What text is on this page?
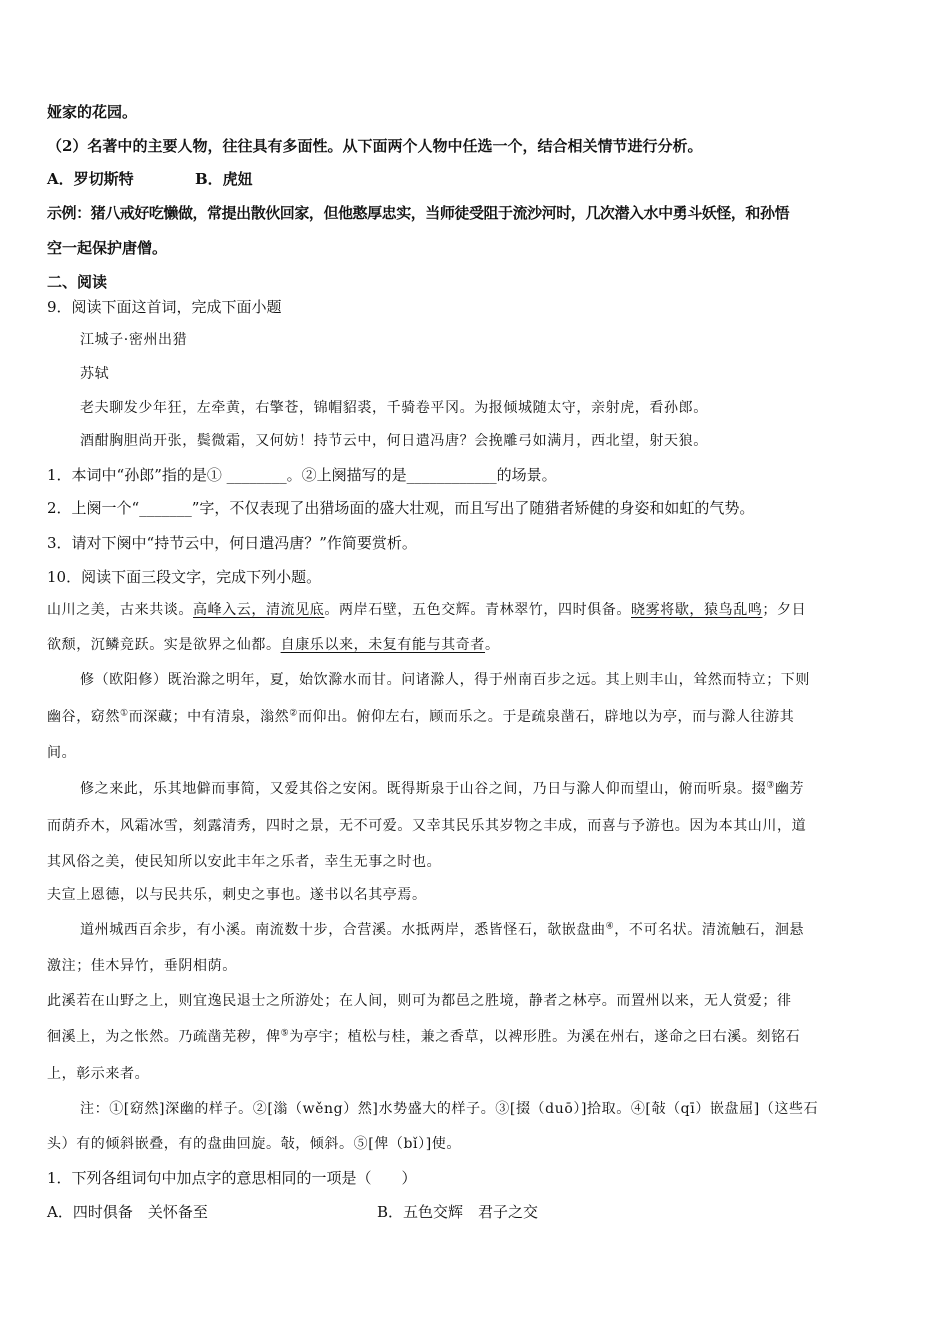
娅家的花园。
（2）名著中的主要人物，往往具有多面性。从下面两个人物中任选一个，结合相关情节进行分析。
A．罗切斯特	B．虎妞
示例：猪八戒好吃懒做，常提出散伙回家，但他憨厚忠实，当师徒受阻于流沙河时，几次潜入水中勇斗妖怪，和孙悟
空一起保护唐僧。
二、阅读
9．阅读下面这首词，完成下面小题
江城子·密州出猎
苏轼
老夫聊发少年狂，左牵黄，右擎苍，锦帽貂裘，千骑卷平冈。为报倾城随太守，亲射虎，看孙郎。
酒酣胸胆尚开张，鬓微霜，又何妨！持节云中，何日遣冯唐？会挽雕弓如满月，西北望，射天狼。
1．本词中“孙郎”指的是① ________。②上阕描写的是____________的场景。
2．上阕一个“_______”字，不仅表现了出猎场面的盛大壮观，而且写出了随猎者矫健的身姿和如虹的气势。
3．请对下阕中“持节云中，何日遣冯唐？”作简要赏析。
10．阅读下面三段文字，完成下列小题。
山川之美，古来共谈。高峰入云，清流见底。两岸石壁，五色交辉。青林翠竹，四时俱备。晓雾将歇，猿鸟乱鸣；夕日
欲颓，沉鳞竞跃。实是欲界之仙都。自康乐以来，未复有能与其奇者。
修（欧阳修）既治滁之明年，夏，始饮滁水而甘。问诸滁人，得于州南百步之远。其上则丰山，耸然而特立；下则
幽谷，窈然①而深藏；中有清泉，滃然②而仰出。俯仰左右，顾而乐之。于是疏泉凿石，辟地以为亭，而与滁人往游其
间。
修之来此，乐其地僻而事简，又爱其俗之安闲。既得斯泉于山谷之间，乃日与滁人仰而望山，俯而听泉。掇③幽芳
而荫乔木，风霜冰雪，刻露清秀，四时之景，无不可爱。又幸其民乐其岁物之丰成，而喜与予游也。因为本其山川，道
其风俗之美，使民知所以安此丰年之乐者，幸生无事之时也。
夫宣上恩德，以与民共乐，刺史之事也。遂书以名其亭焉。
道州城西百余步，有小溪。南流数十步，合营溪。水抵两岸，悉皆怪石，欹嵌盘曲④，不可名状。清流触石，洄悬
激注；佳木异竹，垂阴相荫。
此溪若在山野之上，则宜逸民退士之所游处；在人间，则可为都邑之胜境，静者之林亭。而置州以来，无人赏爱；徘
徊溪上，为之怅然。乃疏凿芜秽，俾⑤为亭宇；植松与桂，兼之香草，以裨形胜。为溪在州右，遂命之曰右溪。刻铭石
上，彰示来者。
注：①[窈然]深幽的样子。②[滃（wěng）然]水势盛大的样子。③[掇（duō）]拾取。④[敧（qī）嵌盘屈]（这些石
头）有的倾斜嵌叠，有的盘曲回旋。敧，倾斜。⑤[俾（bǐ）]使。
1．下列各组词句中加点字的意思相同的一项是（　　）
A．四时俱备　关怀备至	B．五色交辉　君子之交
